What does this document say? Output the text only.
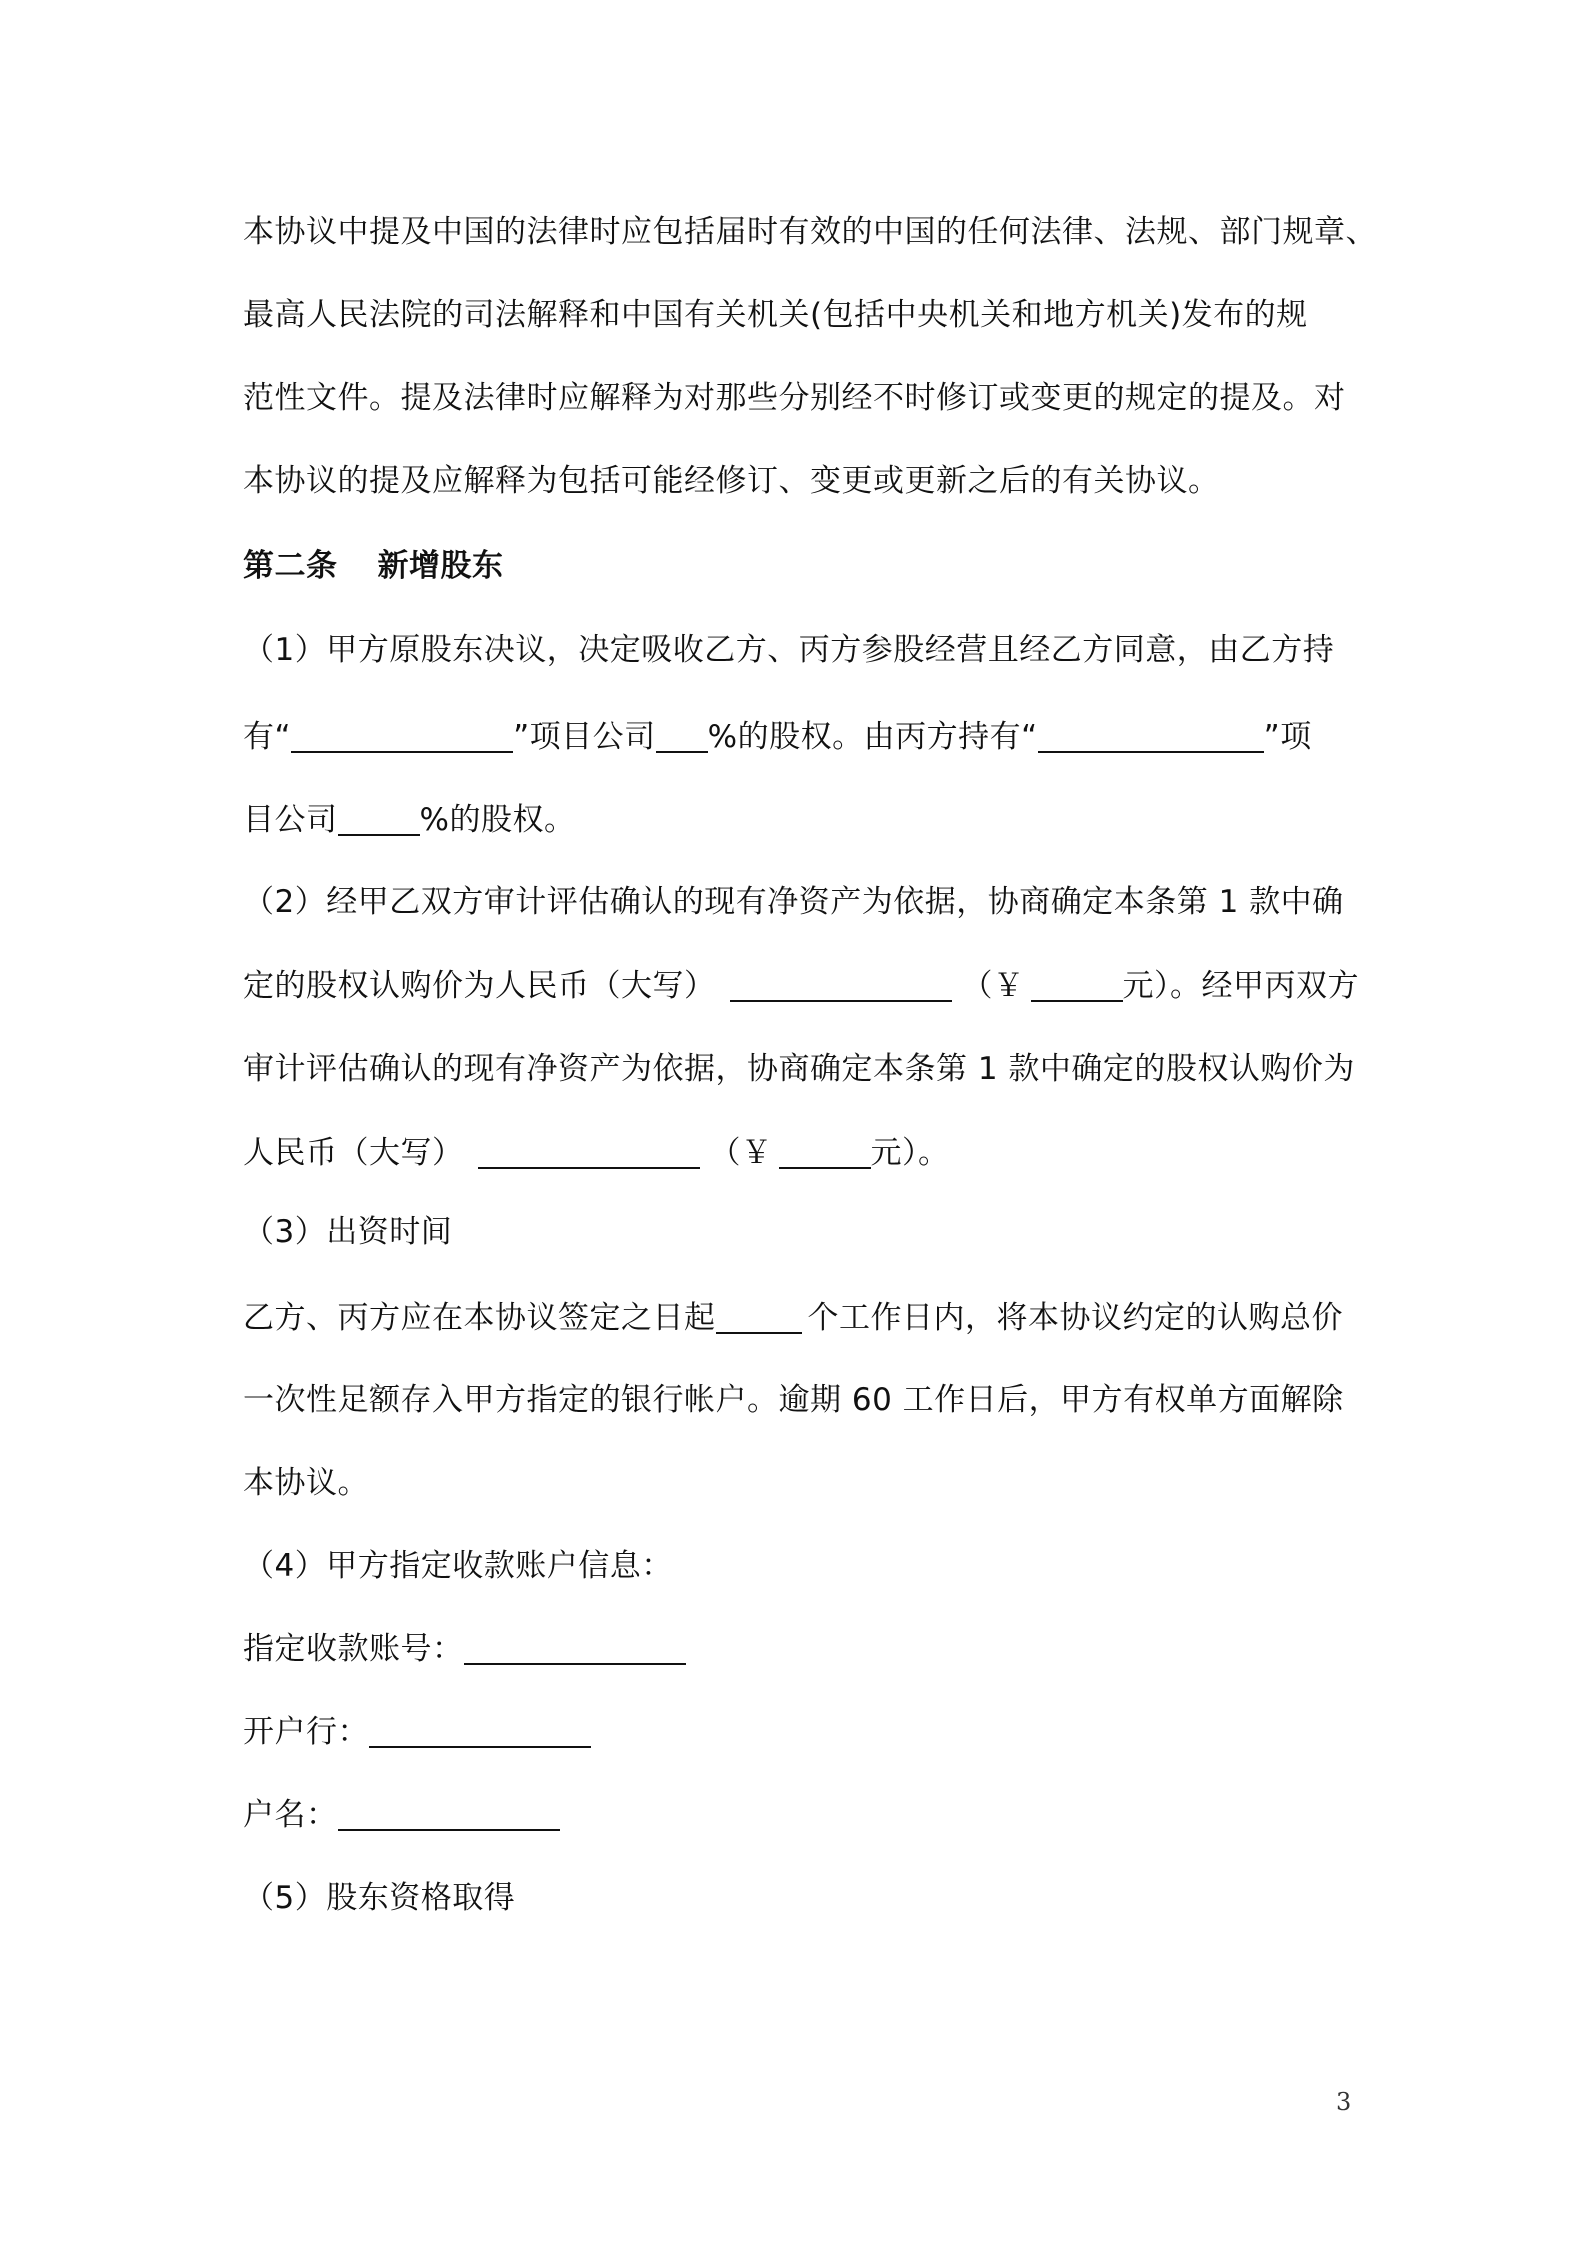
本协议中提及中国的法律时应包括届时有效的中国的任何法律、法规、部门规章、
最高人民法院的司法解释和中国有关机关(包括中央机关和地方机关)发布的规
范性文件。提及法律时应解释为对那些分别经不时修订或变更的规定的提及。对
本协议的提及应解释为包括可能经修订、变更或更新之后的有关协议。
第二条 新增股东
（1）甲方原股东决议，决定吸收乙方、丙方参股经营且经乙方同意，由乙方持
有“	”项目公司 %的股权。由丙方持有“	”项
目公司	%的股权。
（2）经甲乙双方审计评估确认的现有净资产为依据，协商确定本条第 1 款中确
定的股权认购价为人民币（大写）	（￥	元）。经甲丙双方
审计评估确认的现有净资产为依据，协商确定本条第 1 款中确定的股权认购价为
人民币（大写）	（￥	元）。
（3）出资时间
乙方、丙方应在本协议签定之日起	个工作日内，将本协议约定的认购总价
一次性足额存入甲方指定的银行帐户。逾期 60 工作日后，甲方有权单方面解除
本协议。
（4）甲方指定收款账户信息：
指定收款账号：
开户行：
户名：
（5）股东资格取得
3
